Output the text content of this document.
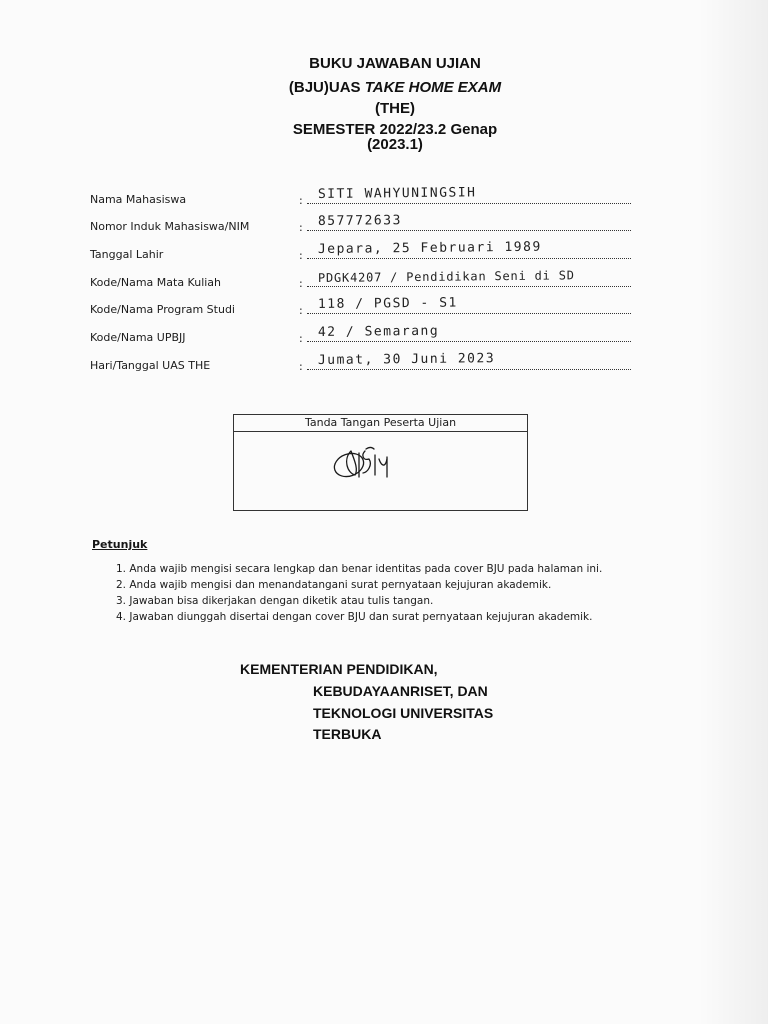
BUKU JAWABAN UJIAN
(BJU)UAS TAKE HOME EXAM
(THE)
SEMESTER 2022/23.2 Genap
(2023.1)
Nama Mahasiswa	: SITI WAHYUNINGSIH
Nomor Induk Mahasiswa/NIM	: 857772633
Tanggal Lahir	: Jepara, 25 Februari 1989
Kode/Nama Mata Kuliah	: PDGK4207 / Pendidikan Seni di SD
Kode/Nama Program Studi	: 118 / PGSD - S1
Kode/Nama UPBJJ	: 42 / Semarang
Hari/Tanggal UAS THE	: Jumat, 30 Juni 2023
Tanda Tangan Peserta Ujian
Petunjuk
1. Anda wajib mengisi secara lengkap dan benar identitas pada cover BJU pada halaman ini.
2. Anda wajib mengisi dan menandatangani surat pernyataan kejujuran akademik.
3. Jawaban bisa dikerjakan dengan diketik atau tulis tangan.
4. Jawaban diunggah disertai dengan cover BJU dan surat pernyataan kejujuran akademik.
KEMENTERIAN PENDIDIKAN,
KEBUDAYAANRISET, DAN
TEKNOLOGI UNIVERSITAS
TERBUKA
